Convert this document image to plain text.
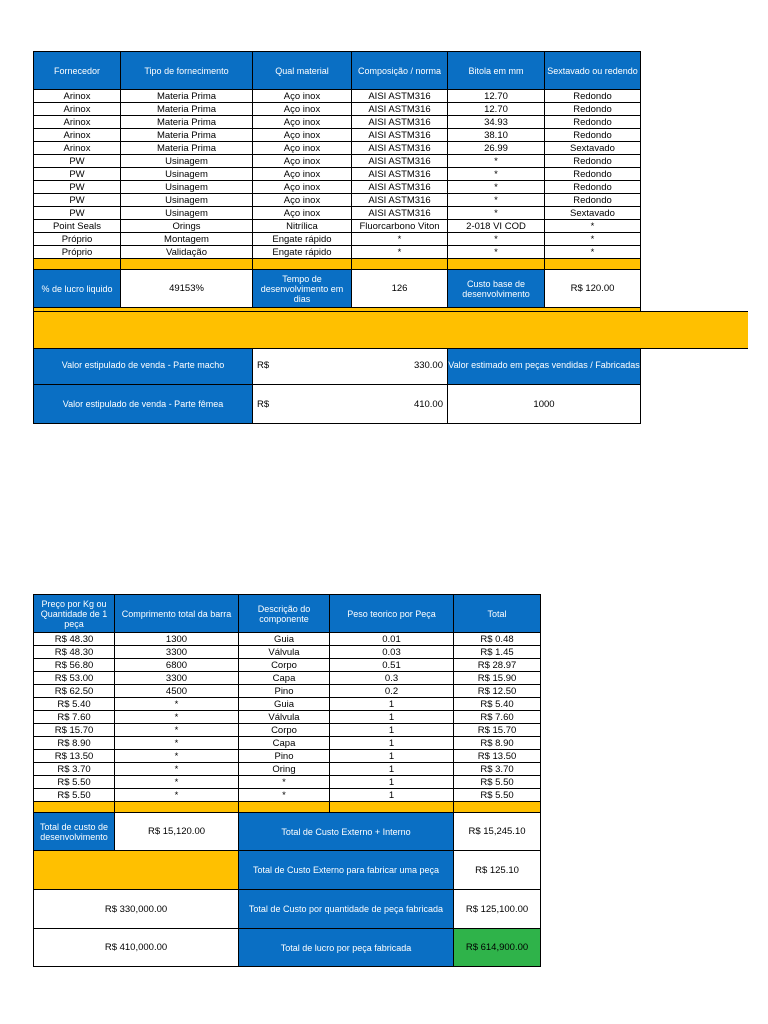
Fornecedor	Tipo de fornecimento	Qual material	Composição / norma	Bitola em mm	Sextavado ou redendo
Arinox	Materia Prima	Aço inox	AISI ASTM316	12.70	Redondo
Arinox	Materia Prima	Aço inox	AISI ASTM316	12.70	Redondo
Arinox	Materia Prima	Aço inox	AISI ASTM316	34.93	Redondo
Arinox	Materia Prima	Aço inox	AISI ASTM316	38.10	Redondo
Arinox	Materia Prima	Aço inox	AISI ASTM316	26.99	Sextavado
PW	Usinagem	Aço inox	AISI ASTM316	*	Redondo
PW	Usinagem	Aço inox	AISI ASTM316	*	Redondo
PW	Usinagem	Aço inox	AISI ASTM316	*	Redondo
PW	Usinagem	Aço inox	AISI ASTM316	*	Redondo
PW	Usinagem	Aço inox	AISI ASTM316	*	Sextavado
Point Seals	Orings	Nitrílica	Fluorcarbono Viton	2-018 VI COD	*
Próprio	Montagem	Engate rápido	*	*	*
Próprio	Validação	Engate rápido	*	*	*

% de lucro liquido	49153%	Tempo de desenvolvimento em dias	126	Custo base de desenvolvimento	R$ 120.00

Valor estipulado de venda - Parte macho		R$ 330.00		Valor estimado em peças vendidas / Fabricadas	
Valor estipulado de venda - Parte fêmea		R$ 410.00		1000	
Preço por Kg ou Quantidade de 1 peça	Comprimento total da barra	Descrição do componente	Peso teorico por Peça	Total
R$ 48.30	1300	Guia	0.01	R$ 0.48
R$ 48.30	3300	Válvula	0.03	R$ 1.45
R$ 56.80	6800	Corpo	0.51	R$ 28.97
R$ 53.00	3300	Capa	0.3	R$ 15.90
R$ 62.50	4500	Pino	0.2	R$ 12.50
R$ 5.40	*	Guia	1	R$ 5.40
R$ 7.60	*	Válvula	1	R$ 7.60
R$ 15.70	*	Corpo	1	R$ 15.70
R$ 8.90	*	Capa	1	R$ 8.90
R$ 13.50	*	Pino	1	R$ 13.50
R$ 3.70	*	Oring	1	R$ 3.70
R$ 5.50	*	*	1	R$ 5.50
R$ 5.50	*	*	1	R$ 5.50

Total de custo de desenvolvimento	R$ 15,120.00	Total de Custo Externo + Interno		R$ 15,245.10
		Total de Custo Externo para fabricar uma peça		R$ 125.10
R$ 330,000.00		Total de Custo por quantidade de peça fabricada		R$ 125,100.00
R$ 410,000.00		Total de lucro por peça fabricada		R$ 614,900.00
